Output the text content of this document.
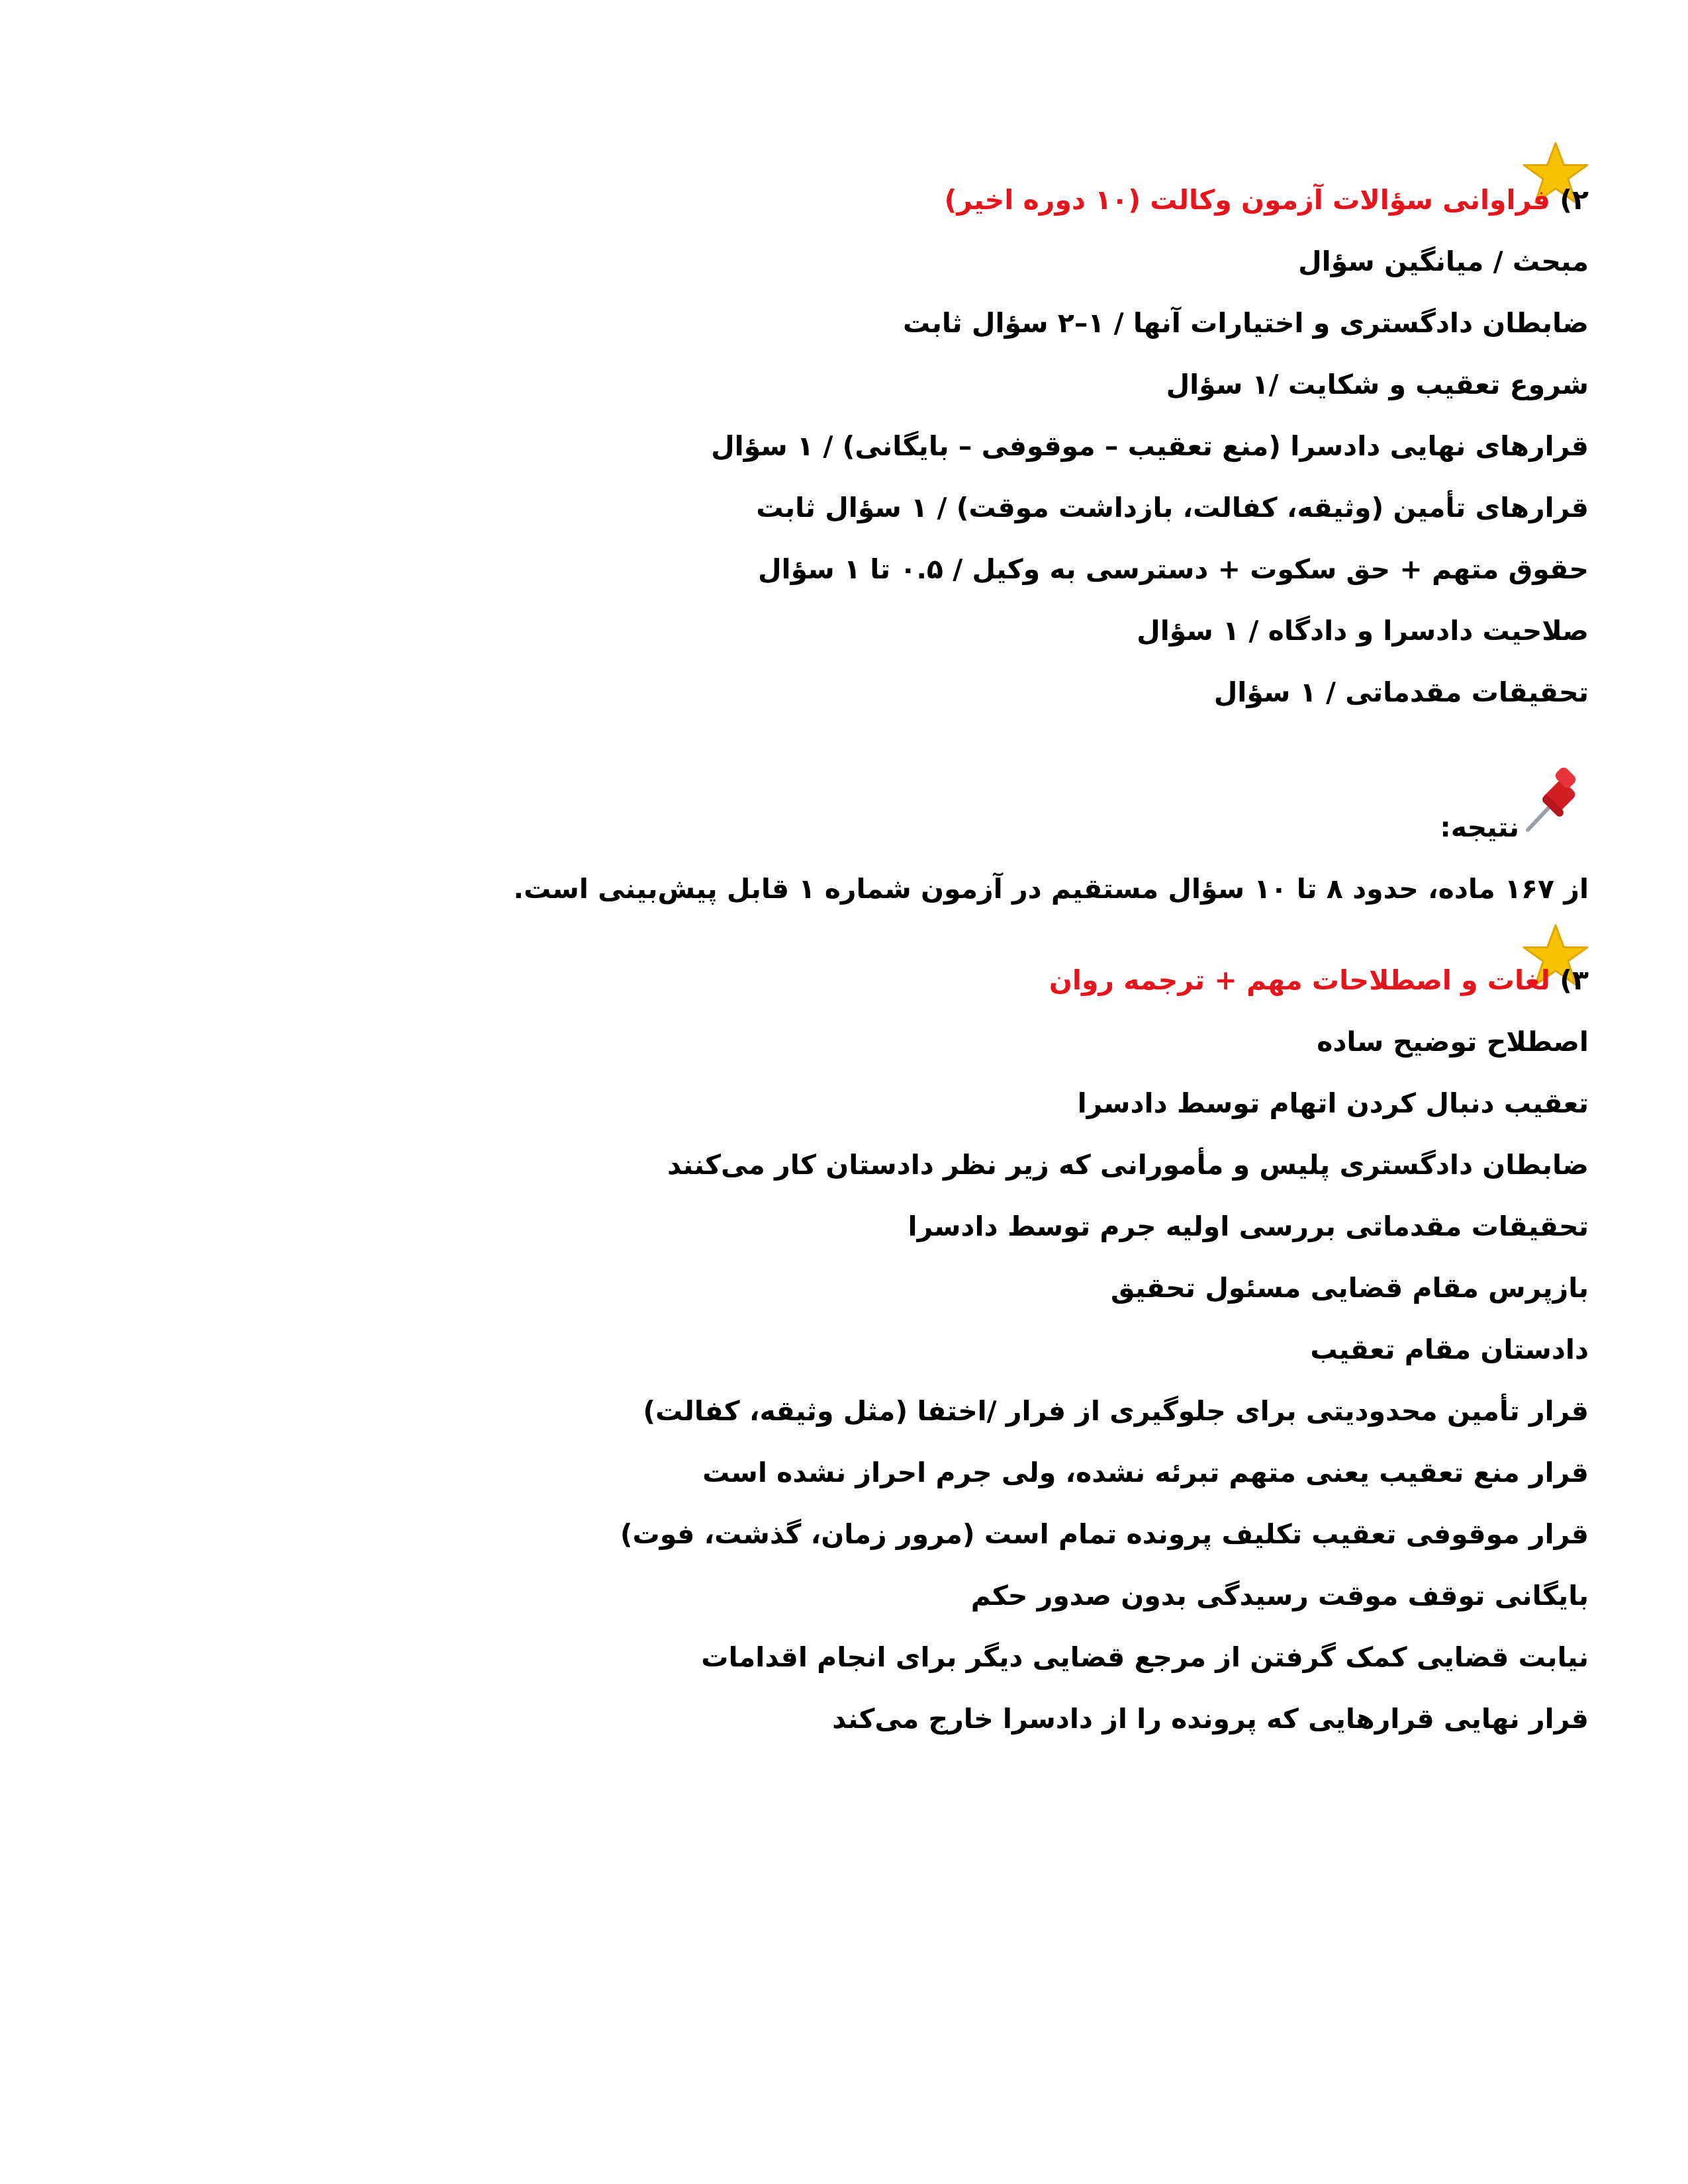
۲) فراوانی سؤالات آزمون وکالت (۱۰ دوره اخیر)
مبحث / میانگین سؤال
ضابطان دادگستری و اختیارات آنها / ۱–۲ سؤال ثابت
شروع تعقیب و شکایت /۱ سؤال
قرارهای نهایی دادسرا (منع تعقیب – موقوفی – بایگانی) / ۱ سؤال
قرارهای تأمین (وثیقه، کفالت، بازداشت موقت) / ۱ سؤال ثابت
حقوق متهم + حق سکوت + دسترسی به وکیل / ۰.۵ تا ۱ سؤال
صلاحیت دادسرا و دادگاه / ۱ سؤال
تحقیقات مقدماتی / ۱ سؤال
نتیجه:
از ۱۶۷ ماده، حدود ۸ تا ۱۰ سؤال مستقیم در آزمون شماره ۱ قابل پیش‌بینی است.
۳) لغات و اصطلاحات مهم + ترجمه روان
اصطلاح توضیح ساده
تعقیب دنبال کردن اتهام توسط دادسرا
ضابطان دادگستری پلیس و مأمورانی که زیر نظر دادستان کار می‌کنند
تحقیقات مقدماتی بررسی اولیه جرم توسط دادسرا
بازپرس مقام قضایی مسئول تحقیق
دادستان مقام تعقیب
قرار تأمین محدودیتی برای جلوگیری از فرار /اختفا (مثل وثیقه، کفالت)
قرار منع تعقیب یعنی متهم تبرئه نشده، ولی جرم احراز نشده است
قرار موقوفی تعقیب تکلیف پرونده تمام است (مرور زمان، گذشت، فوت)
بایگانی توقف موقت رسیدگی بدون صدور حکم
نیابت قضایی کمک گرفتن از مرجع قضایی دیگر برای انجام اقدامات
قرار نهایی قرارهایی که پرونده را از دادسرا خارج می‌کند
